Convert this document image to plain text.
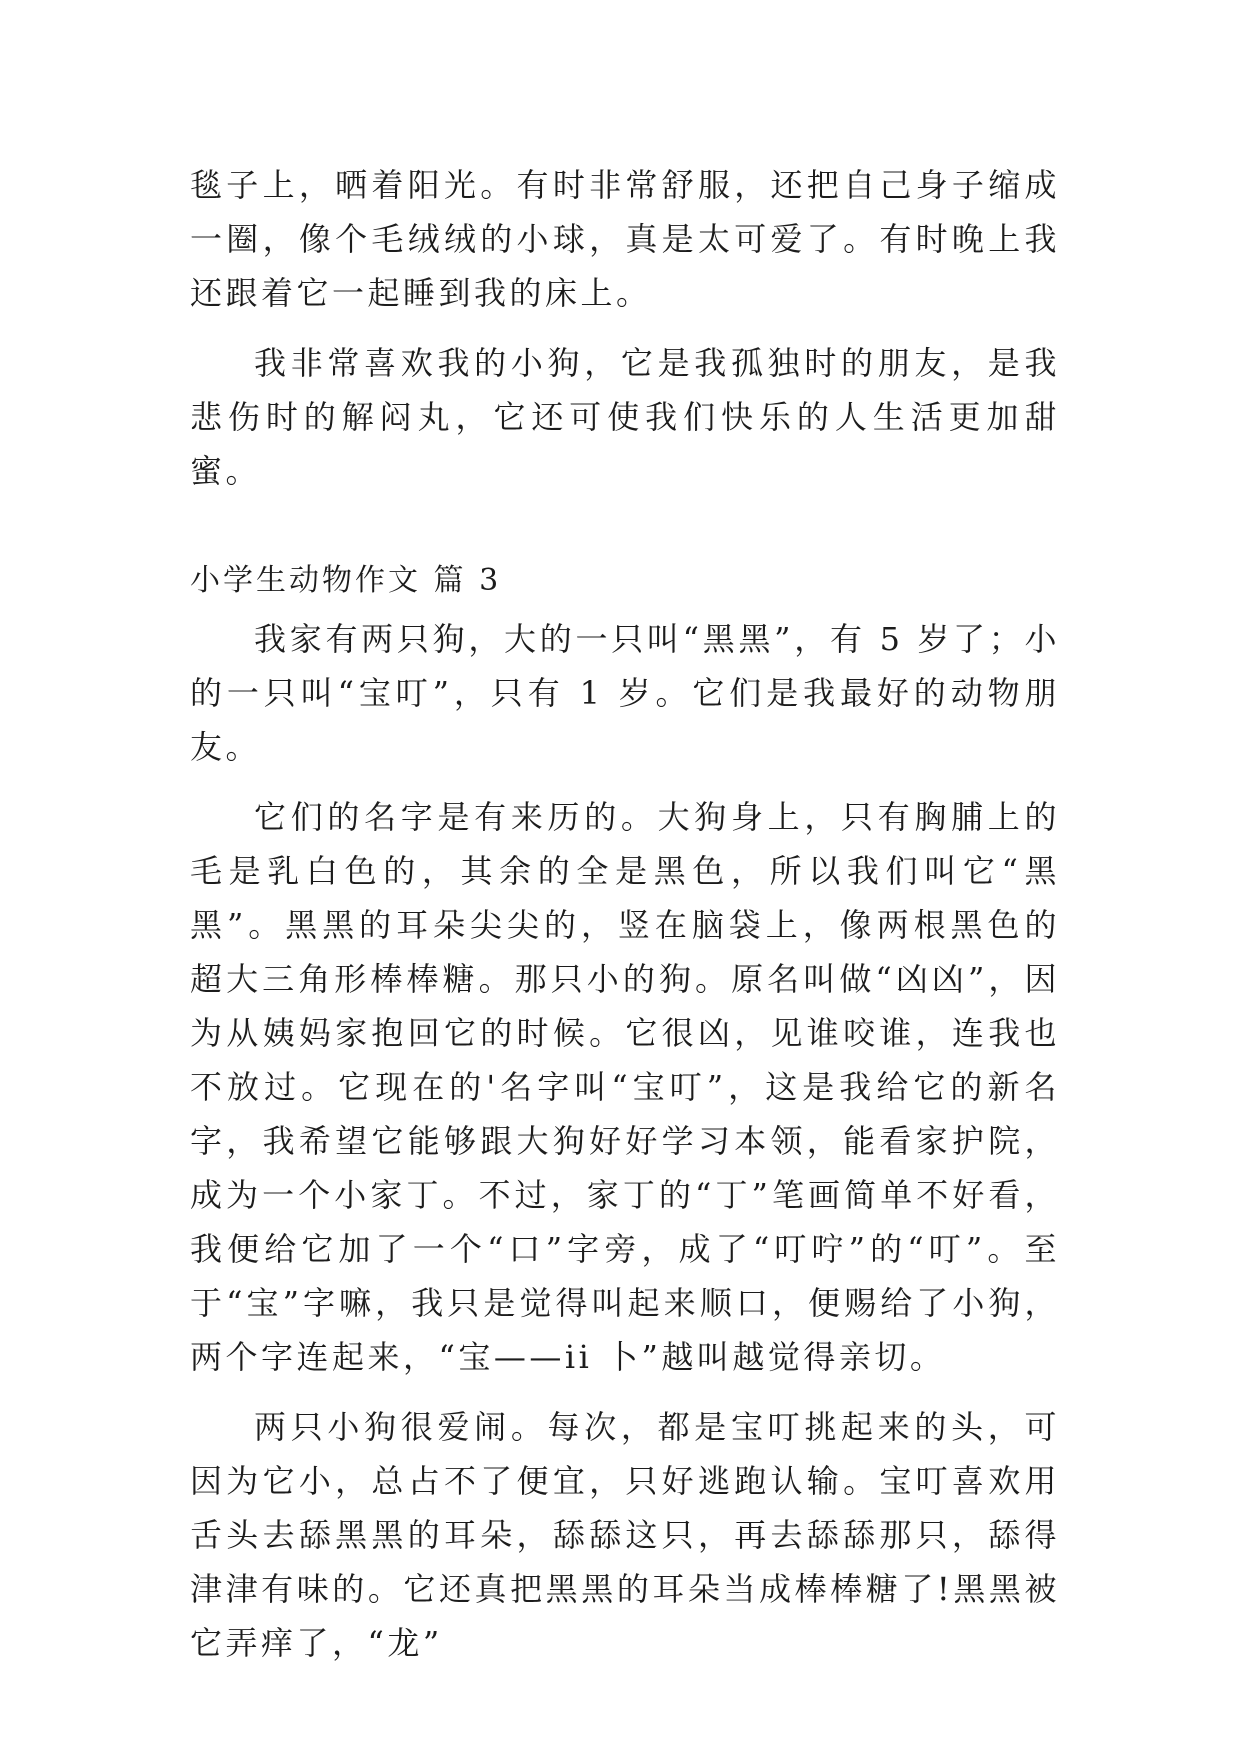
毯子上，晒着阳光。有时非常舒服，还把自己身子缩成一圈，像个毛绒绒的小球，真是太可爱了。有时晚上我还跟着它一起睡到我的床上。

我非常喜欢我的小狗，它是我孤独时的朋友，是我悲伤时的解闷丸，它还可使我们快乐的人生活更加甜蜜。

小学生动物作文 篇 3

我家有两只狗，大的一只叫“黑黑”，有 5 岁了；小的一只叫“宝叮”，只有 1 岁。它们是我最好的动物朋友。

它们的名字是有来历的。大狗身上，只有胸脯上的毛是乳白色的，其余的全是黑色，所以我们叫它“黑黑”。黑黑的耳朵尖尖的，竖在脑袋上，像两根黑色的超大三角形棒棒糖。那只小的狗。原名叫做“凶凶”，因为从姨妈家抱回它的时候。它很凶，见谁咬谁，连我也不放过。它现在的'名字叫“宝叮”，这是我给它的新名字，我希望它能够跟大狗好好学习本领，能看家护院，成为一个小家丁。不过，家丁的“丁”笔画简单不好看，我便给它加了一个“口”字旁，成了“叮咛”的“叮”。至于“宝”字嘛，我只是觉得叫起来顺口，便赐给了小狗，两个字连起来，“宝——ii 卜”越叫越觉得亲切。

两只小狗很爱闹。每次，都是宝叮挑起来的头，可因为它小，总占不了便宜，只好逃跑认输。宝叮喜欢用舌头去舔黑黑的耳朵，舔舔这只，再去舔舔那只，舔得津津有味的。它还真把黑黑的耳朵当成棒棒糖了!黑黑被它弄痒了，“龙”
